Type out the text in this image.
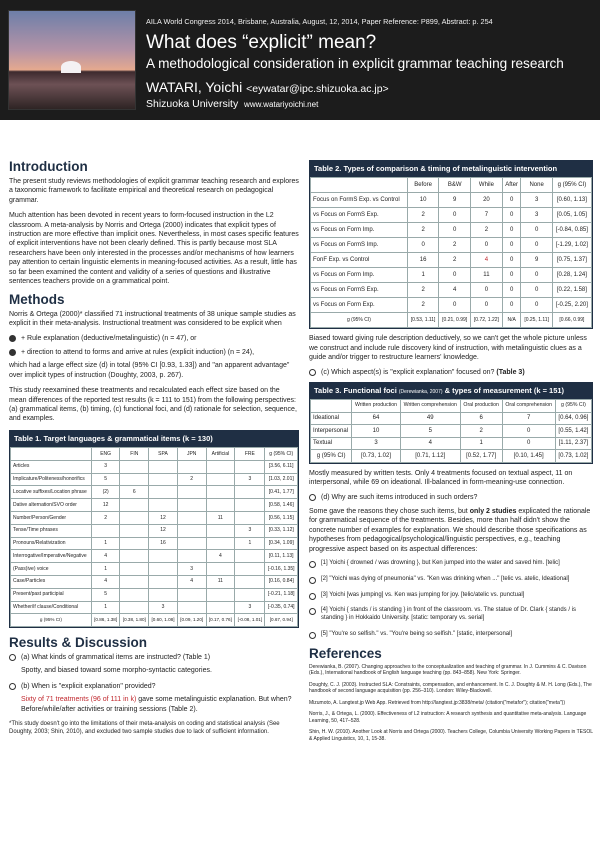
AILA World Congress 2014, Brisbane, Australia, August, 12, 2014, Paper Reference: P899, Abstract: p. 254
What does “explicit” mean?
A methodological consideration in explicit grammar teaching research
WATARI, Yoichi <eywatar@ipc.shizuoka.ac.jp>
Shizuoka University www.watariyoichi.net
Introduction

The present study reviews methodologies of explicit grammar teaching research and explores a taxonomic framework to facilitate empirical and theoretical research on pedagogical grammar.

Much attention has been devoted in recent years to form-focused instruction in the L2 classroom. A meta-analysis by Norris and Ortega (2000) indicates that explicit types of instruction are more effective than implicit ones. Nevertheless, in most cases specific features of explicit interventions have not been clearly defined. This is partly because most SLA researchers have been only interested in the processes and/or mechanisms of how learners pay attention to certain linguistic elements in meaning-focused activities. As a result, little has so far been examined the content and validity of a series of questions and illustrative sentences teachers provide on a grammatical point.

Methods

Norris & Ortega (2000)* classified 71 instructional treatments of 38 unique sample studies as explicit in their meta-analysis. Instructional treatment was considered to be explicit when

+ Rule explanation (deductive/metalinguistic) (n = 47), or
+ direction to attend to forms and arrive at rules (explicit induction) (n = 24),

which had a large effect size (d) in total (95% CI [0.93, 1.33]) and "an apparent advantage" over implicit types of instruction (Doughty, 2003, p. 267).

This study reexamined these treatments and recalculated each effect size based on the mean differences of the reported test results (k = 111 to 151) from the following perspectives: (a) grammatical items, (b) timing, (c) functional foci, and (d) rationale for selection, sequence, and examples.

Table 1. Target languages & grammatical items (k = 130)
	ENG	FIN	SPA	JPN	Artificial	FRE	g (95% CI)
Articles	3						[3.56, 6.11]
Implicature/Politeness/honorifics	5			2		3	[1.03, 2.01]
Locative suffixes/Location phrase	(2)	6					[0.41, 1.77]
Dative alternation/SVO order	12						[0.58, 1.46]
Number/Person/Gender	2		12		11		[0.56, 1.15]
Tense/Time phrases			12			3	[0.33, 1.12]
Pronouns/Relativization	1		16			1	[0.34, 1.09]
Interrogative/Imperative/Negative	4				4		[0.11, 1.13]
(Pass)ive) voice	1			3			[-0.16, 1.35]
Case/Particles	4			4	11		[0.16, 0.84]
Present/past participial	5						[-0.21, 1.18]
Whether/if clause/Conditional	1		3			3	[-0.35, 0.74]
g (95% CI)	[0.86, 1.38]	[0.38, 1.80]	[0.60, 1.08]	[0.09, 1.20]	[0.17, 0.76]	[-0.08, 1.01]	[0.67, 0.94]
Results & Discussion
(a) What kinds of grammatical items are instructed? (Table 1)

Spotty, and biased toward some morpho-syntactic categories.

(b) When is "explicit explanation" provided?

Sixty of 71 treatments (96 of 111 in k) gave some metalinguistic explanation. But when? Before/while/after activities or training sessions (Table 2).

*This study doesn't go into the limitations of their meta-analysis on coding and statistical analysis (See Doughty, 2003; Shin, 2010), and excluded two sample studies due to lack of sufficient information.

Table 2. Types of comparison & timing of metalinguistic intervention
	Before	B&W	While	After	None	g (95% CI)
Focus on FormS Exp. vs Control	10	9	20	0	3	[0.60, 1.13]
vs Focus on FormS Exp.	2	0	7	0	3	[0.05, 1.05]
vs Focus on Form Imp.	2	0	2	0	0	[-0.84, 0.85]
vs Focus on FormS Imp.	0	2	0	0	0	[-1.29, 1.02]
FonF Exp. vs Control	16	2	4	0	9	[0.75, 1.37]
vs Focus on Form Imp.	1	0	11	0	0	[0.28, 1.24]
vs Focus on FormS Exp.	2	4	0	0	0	[0.22, 1.58]
vs Focus on Form Exp.	2	0	0	0	0	[-0.25, 2.20]
g (95% CI)	[0.53, 1.11]	[0.21, 0.99]	[0.72, 1.22]	N/A	[0.25, 1.11]	[0.66, 0.99]

Biased toward giving rule description deductively, so we can't get the whole picture unless we construct and include rule discovery kind of instruction, with metalinguistic clues as a guide and/or trigger to restructure learners' knowledge.

(c) Which aspect(s) is "explicit explanation" focused on? (Table 3)
Table 3. Functional foci (Derewianka, 2007) & types of measurement (k = 151)
	Written production	Written comprehension	Oral production	Oral comprehension	g (95% CI)
Ideational	64	49	6	7	[0.64, 0.96]
Interpersonal	10	5	2	0	[0.55, 1.42]
Textual	3	4	1	0	[1.11, 2.37]
g (95% CI)	[0.73, 1.02]	[0.71, 1.12]	[0.52, 1.77]	[0.10, 1.45]	[0.73, 1.02]

Mostly measured by written tests. Only 4 treatments focused on textual aspect, 11 on interpersonal, while 69 on ideational. Ill-balanced in form-meaning-use connection.

(d) Why are such items introduced in such orders?

Some gave the reasons they chose such items, but only 2 studies explicated the rationale for grammatical sequence of the treatments. Besides, more than half didn't show the concrete number of examples for explanation. We should describe those specifications as hypotheses from pedagogical/psychological/linguistic perspectives, e.g., teaching progressive aspect based on its aspectual differences:

[1] Yoichi { drowned / was drowning }, but Ken jumped into the water and saved him. [telic]
[2] "Yoichi was dying of pneumonia" vs. "Ken was drinking when ..." [telic vs. atelic, Ideational]
[3] Yoichi [was jumping] vs. Ken was jumping for joy. [telic/atelic vs. punctual]
[4] Yoichi { stands / is standing } in front of the classroom. vs. The statue of Dr. Clark { stands / is standing } in Hokkaido University. [static: temporary vs. serial]
[5] "You're so selfish." vs. "You're being so selfish." [static, interpersonal]
References

Derewianka, B. (2007). Changing approaches to the conceptualization and teaching of grammar. In J. Cummins & C. Davison (Eds.), International handbook of English language teaching (pp. 843–858). New York: Springer.

Doughty, C. J. (2003). Instructed SLA: Constraints, compensation, and enhancement. In C. J. Doughty & M. H. Long (Eds.), The handbook of second language acquisition (pp. 256–310). London: Wiley-Blackwell.

Mizumoto, A. Langtest.jp Web App. Retrieved from http://langtest.jp:3838/meta/ (citation("metafor"); citation("meta"))

Norris, J., & Ortega, L. (2000). Effectiveness of L2 instruction: A research synthesis and quantitative meta-analysis. Language Learning, 50, 417–528.

Shin, H. W. (2010). Another Look at Norris and Ortega (2000). Teachers College, Columbia University Working Papers in TESOL & Applied Linguistics, 10, 1, 15-38.
